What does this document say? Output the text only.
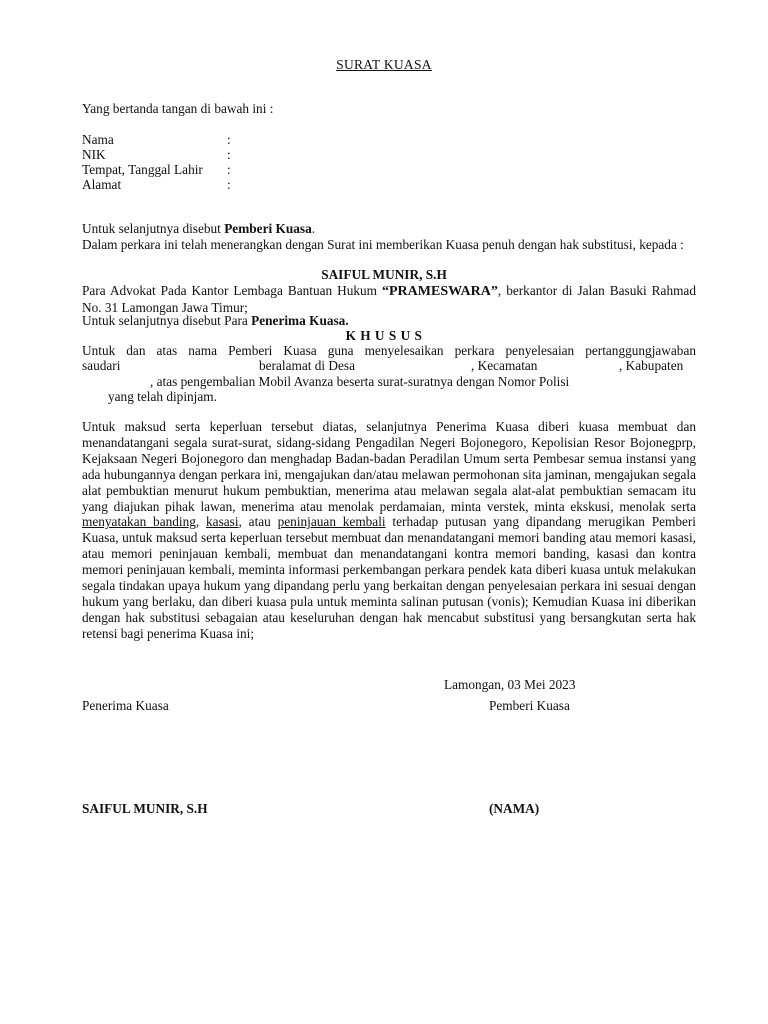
SURAT KUASA
Yang bertanda tangan di bawah ini :
Nama	:
NIK	:
Tempat, Tanggal Lahir :
Alamat	:
Untuk selanjutnya disebut Pemberi Kuasa.

Dalam perkara ini telah menerangkan dengan Surat ini memberikan Kuasa penuh dengan hak substitusi, kepada :

SAIFUL MUNIR, S.H

Para Advokat Pada Kantor Lembaga Bantuan Hukum “PRAMESWARA”, berkantor di Jalan Basuki Rahmad No. 31 Lamongan Jawa Timur;

Untuk selanjutnya disebut Para Penerima Kuasa.
K H U S U S
Untuk dan atas nama Pemberi Kuasa guna menyelesaikan perkara penyelesaian pertanggungjawaban
saudari	beralamat di Desa	, Kecamatan	, Kabupaten
, atas pengembalian Mobil Avanza beserta surat-suratnya dengan Nomor Polisi
yang telah dipinjam.

Untuk maksud serta keperluan tersebut diatas, selanjutnya Penerima Kuasa diberi kuasa membuat dan menandatangani segala surat-surat, sidang-sidang Pengadilan Negeri Bojonegoro, Kepolisian Resor Bojonegprp, Kejaksaan Negeri Bojonegoro dan menghadap Badan-badan Peradilan Umum serta Pembesar semua instansi yang ada hubungannya dengan perkara ini, mengajukan dan/atau melawan permohonan sita jaminan, mengajukan segala alat pembuktian menurut hukum pembuktian, menerima atau melawan segala alat-alat pembuktian semacam itu yang diajukan pihak lawan, menerima atau menolak perdamaian, minta verstek, minta ekskusi, menolak serta menyatakan banding, kasasi, atau peninjauan kembali terhadap putusan yang dipandang merugikan Pemberi Kuasa, untuk maksud serta keperluan tersebut membuat dan menandatangani memori banding atau memori kasasi, atau memori peninjauan kembali, membuat dan menandatangani kontra memori banding, kasasi dan kontra memori peninjauan kembali, meminta informasi perkembangan perkara pendek kata diberi kuasa untuk melakukan segala tindakan upaya hukum yang dipandang perlu yang berkaitan dengan penyelesaian perkara ini sesuai dengan hukum yang berlaku, dan diberi kuasa pula untuk meminta salinan putusan (vonis); Kemudian Kuasa ini diberikan dengan hak substitusi sebagaian atau keseluruhan dengan hak mencabut substitusi yang bersangkutan serta hak retensi bagi penerima Kuasa ini;

Lamongan, 03 Mei 2023
Penerima Kuasa	Pemberi Kuasa
SAIFUL MUNIR, S.H	(NAMA)
